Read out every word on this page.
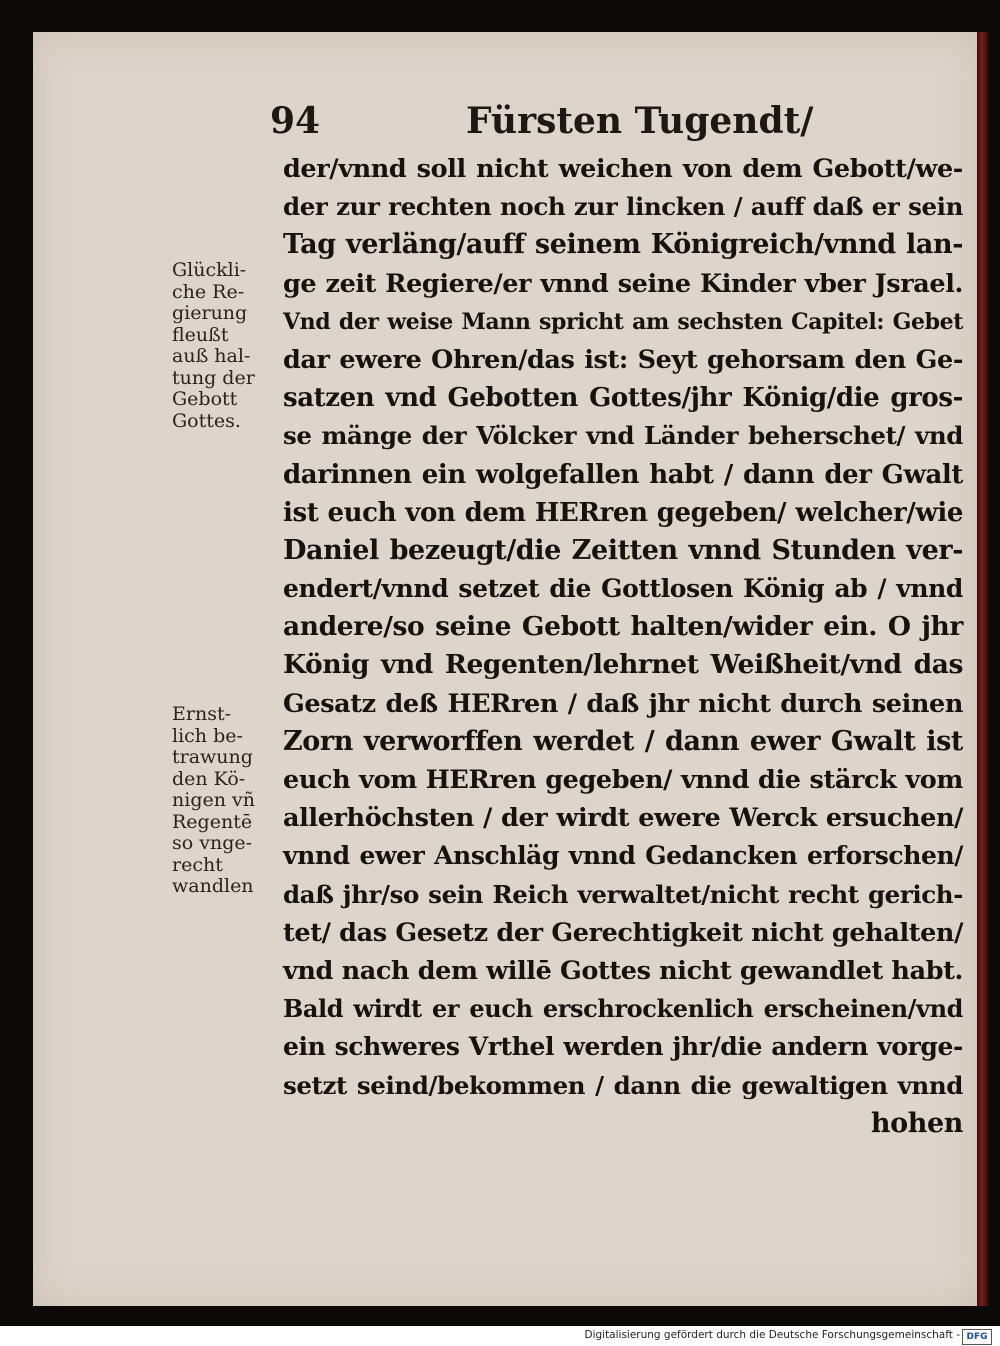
94	Fürsten Tugendt/
der/vnnd soll nicht weichen von dem Gebott/we-
der zur rechten noch zur lincken / auff daß er sein
Tag verläng/auff seinem Königreich/vnnd lan-
ge zeit Regiere/er vnnd seine Kinder vber Jsrael.
Vnd der weise Mann spricht am sechsten Capitel: Gebet
dar ewere Ohren/das ist: Seyt gehorsam den Ge-
satzen vnd Gebotten Gottes/jhr König/die gros-
se mänge der Völcker vnd Länder beherschet/ vnd
darinnen ein wolgefallen habt / dann der Gwalt
ist euch von dem HERren gegeben/ welcher/wie
Daniel bezeugt/die Zeitten vnnd Stunden ver-
endert/vnnd setzet die Gottlosen König ab / vnnd
andere/so seine Gebott halten/wider ein. O jhr
König vnd Regenten/lehrnet Weißheit/vnd das
Gesatz deß HERren / daß jhr nicht durch seinen
Zorn verworffen werdet / dann ewer Gwalt ist
euch vom HERren gegeben/ vnnd die stärck vom
allerhöchsten / der wirdt ewere Werck ersuchen/
vnnd ewer Anschläg vnnd Gedancken erforschen/
daß jhr/so sein Reich verwaltet/nicht recht gerich-
tet/ das Gesetz der Gerechtigkeit nicht gehalten/
vnd nach dem willē Gottes nicht gewandlet habt.
Bald wirdt er euch erschrockenlich erscheinen/vnd
ein schweres Vrthel werden jhr/die andern vorge-
setzt seind/bekommen / dann die gewaltigen vnnd
hohen
Glückli-
che Re-
gierung
fleußt
auß hal-
tung der
Gebott
Gottes.
Ernst-
lich be-
trawung
den Kö-
nigen vñ
Regentē
so vnge-
recht
wandlen
Digitalisierung gefördert durch die Deutsche Forschungsgemeinschaft - DFG
